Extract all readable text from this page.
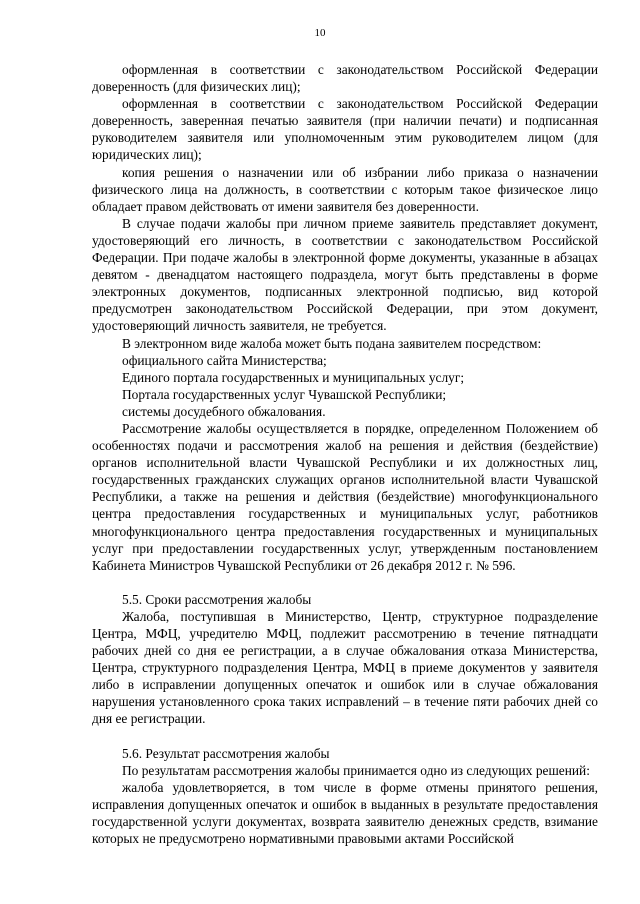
10

оформленная в соответствии с законодательством Российской Федерации доверенность (для физических лиц);

оформленная в соответствии с законодательством Российской Федерации доверенность, заверенная печатью заявителя (при наличии печати) и подписанная руководителем заявителя или уполномоченным этим руководителем лицом (для юридических лиц);

копия решения о назначении или об избрании либо приказа о назначении физического лица на должность, в соответствии с которым такое физическое лицо обладает правом действовать от имени заявителя без доверенности.

В случае подачи жалобы при личном приеме заявитель представляет документ, удостоверяющий его личность, в соответствии с законодательством Российской Федерации. При подаче жалобы в электронной форме документы, указанные в абзацах девятом - двенадцатом настоящего подраздела, могут быть представлены в форме электронных документов, подписанных электронной подписью, вид которой предусмотрен законодательством Российской Федерации, при этом документ, удостоверяющий личность заявителя, не требуется.

В электронном виде жалоба может быть подана заявителем посредством:

официального сайта Министерства;

Единого портала государственных и муниципальных услуг;

Портала государственных услуг Чувашской Республики;

системы досудебного обжалования.

Рассмотрение жалобы осуществляется в порядке, определенном Положением об особенностях подачи и рассмотрения жалоб на решения и действия (бездействие) органов исполнительной власти Чувашской Республики и их должностных лиц, государственных гражданских служащих органов исполнительной власти Чувашской Республики, а также на решения и действия (бездействие) многофункционального центра предоставления государственных и муниципальных услуг, работников многофункционального центра предоставления государственных и муниципальных услуг при предоставлении государственных услуг, утвержденным постановлением Кабинета Министров Чувашской Республики от 26 декабря 2012 г. № 596.

5.5. Сроки рассмотрения жалобы

Жалоба, поступившая в Министерство, Центр, структурное подразделение Центра, МФЦ, учредителю МФЦ, подлежит рассмотрению в течение пятнадцати рабочих дней со дня ее регистрации, а в случае обжалования отказа Министерства, Центра, структурного подразделения Центра, МФЦ в приеме документов у заявителя либо в исправлении допущенных опечаток и ошибок или в случае обжалования нарушения установленного срока таких исправлений – в течение пяти рабочих дней со дня ее регистрации.

5.6. Результат рассмотрения жалобы

По результатам рассмотрения жалобы принимается одно из следующих решений:

жалоба удовлетворяется, в том числе в форме отмены принятого решения, исправления допущенных опечаток и ошибок в выданных в результате предоставления государственной услуги документах, возврата заявителю денежных средств, взимание которых не предусмотрено нормативными правовыми актами Российской
